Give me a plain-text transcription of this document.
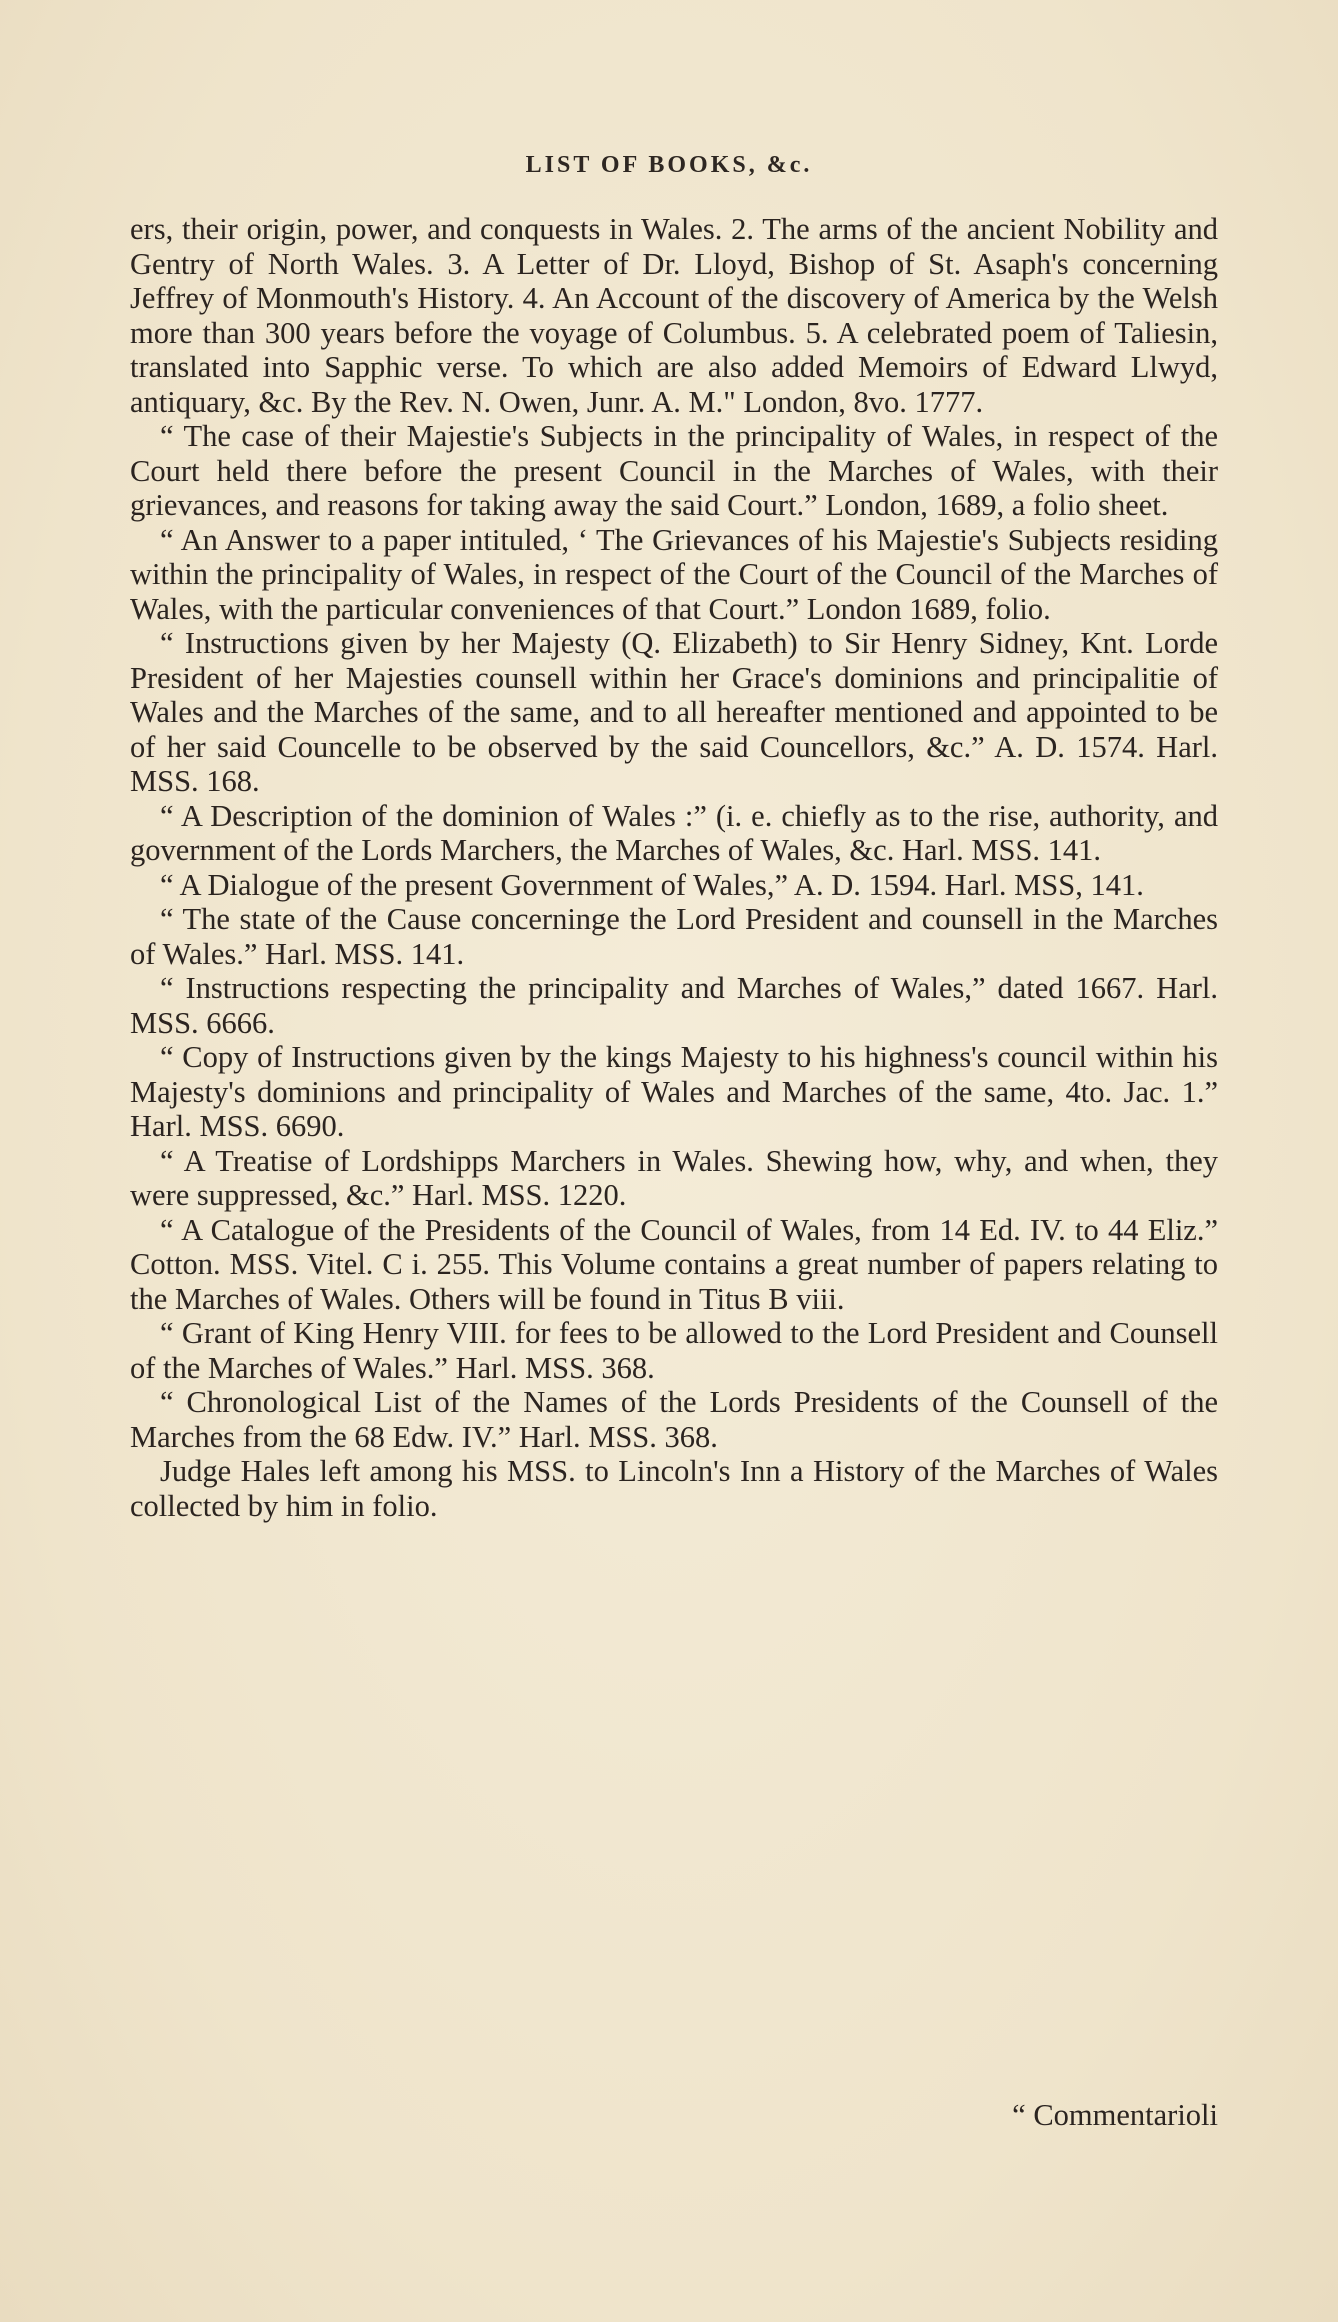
LIST OF BOOKS, &c.

ers, their origin, power, and conquests in Wales. 2. The arms of the ancient Nobility and Gentry of North Wales. 3. A Letter of Dr. Lloyd, Bishop of St. Asaph's concerning Jeffrey of Monmouth's History. 4. An Account of the discovery of America by the Welsh more than 300 years before the voyage of Columbus. 5. A celebrated poem of Taliesin, translated into Sapphic verse. To which are also added Memoirs of Edward Llwyd, antiquary, &c. By the Rev. N. Owen, Junr. A. M." London, 8vo. 1777.

“ The case of their Majestie's Subjects in the principality of Wales, in respect of the Court held there before the present Council in the Marches of Wales, with their grievances, and reasons for taking away the said Court.” London, 1689, a folio sheet.

“ An Answer to a paper intituled, ‘ The Grievances of his Majestie's Subjects residing within the principality of Wales, in respect of the Court of the Council of the Marches of Wales, with the particular conveniences of that Court.” London 1689, folio.

“ Instructions given by her Majesty (Q. Elizabeth) to Sir Henry Sidney, Knt. Lorde President of her Majesties counsell within her Grace's dominions and principalitie of Wales and the Marches of the same, and to all hereafter mentioned and appointed to be of her said Councelle to be observed by the said Councellors, &c.” A. D. 1574. Harl. MSS. 168.

“ A Description of the dominion of Wales :” (i. e. chiefly as to the rise, authority, and government of the Lords Marchers, the Marches of Wales, &c. Harl. MSS. 141.

“ A Dialogue of the present Government of Wales,” A. D. 1594. Harl. MSS, 141.

“ The state of the Cause concerninge the Lord President and counsell in the Marches of Wales.” Harl. MSS. 141.

“ Instructions respecting the principality and Marches of Wales,” dated 1667. Harl. MSS. 6666.

“ Copy of Instructions given by the kings Majesty to his highness's council within his Majesty's dominions and principality of Wales and Marches of the same, 4to. Jac. 1.” Harl. MSS. 6690.

“ A Treatise of Lordshipps Marchers in Wales. Shewing how, why, and when, they were suppressed, &c.” Harl. MSS. 1220.

“ A Catalogue of the Presidents of the Council of Wales, from 14 Ed. IV. to 44 Eliz.” Cotton. MSS. Vitel. C i. 255. This Volume contains a great number of papers relating to the Marches of Wales. Others will be found in Titus B viii.

“ Grant of King Henry VIII. for fees to be allowed to the Lord President and Counsell of the Marches of Wales.” Harl. MSS. 368.

“ Chronological List of the Names of the Lords Presidents of the Counsell of the Marches from the 68 Edw. IV.” Harl. MSS. 368.

Judge Hales left among his MSS. to Lincoln's Inn a History of the Marches of Wales collected by him in folio.

“ Commentarioli
